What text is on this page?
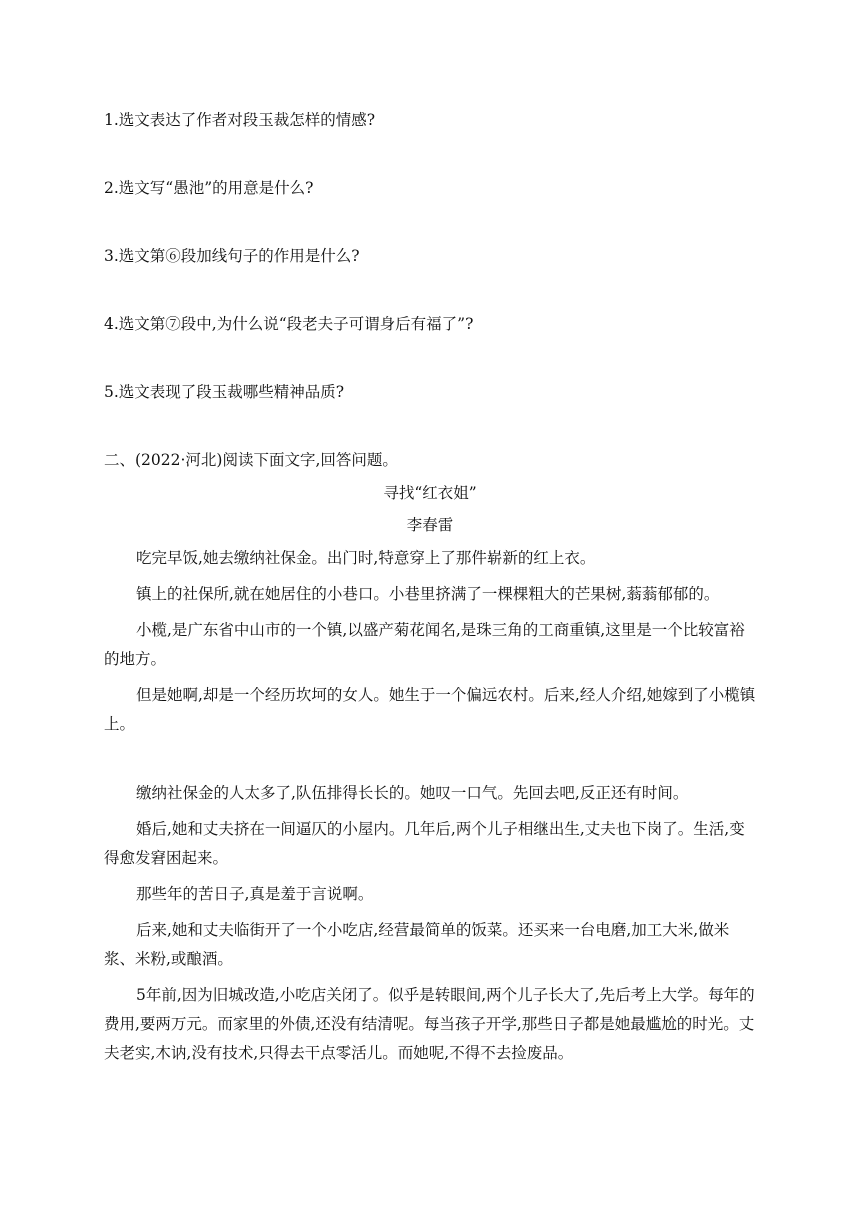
1.选文表达了作者对段玉裁怎样的情感?

2.选文写“愚池”的用意是什么?

3.选文第⑥段加线句子的作用是什么?

4.选文第⑦段中,为什么说“段老夫子可谓身后有福了”?

5.选文表现了段玉裁哪些精神品质?

二、(2022·河北)阅读下面文字,回答问题。

寻找“红衣姐”

李春雷

吃完早饭,她去缴纳社保金。出门时,特意穿上了那件崭新的红上衣。

镇上的社保所,就在她居住的小巷口。小巷里挤满了一棵棵粗大的芒果树,蓊蓊郁郁的。

小榄,是广东省中山市的一个镇,以盛产菊花闻名,是珠三角的工商重镇,这里是一个比较富裕的地方。

但是她啊,却是一个经历坎坷的女人。她生于一个偏远农村。后来,经人介绍,她嫁到了小榄镇上。

缴纳社保金的人太多了,队伍排得长长的。她叹一口气。先回去吧,反正还有时间。

婚后,她和丈夫挤在一间逼仄的小屋内。几年后,两个儿子相继出生,丈夫也下岗了。生活,变得愈发窘困起来。

那些年的苦日子,真是羞于言说啊。

后来,她和丈夫临街开了一个小吃店,经营最简单的饭菜。还买来一台电磨,加工大米,做米浆、米粉,或酿酒。

5年前,因为旧城改造,小吃店关闭了。似乎是转眼间,两个儿子长大了,先后考上大学。每年的费用,要两万元。而家里的外债,还没有结清呢。每当孩子开学,那些日子都是她最尴尬的时光。丈夫老实,木讷,没有技术,只得去干点零活儿。而她呢,不得不去捡废品。
